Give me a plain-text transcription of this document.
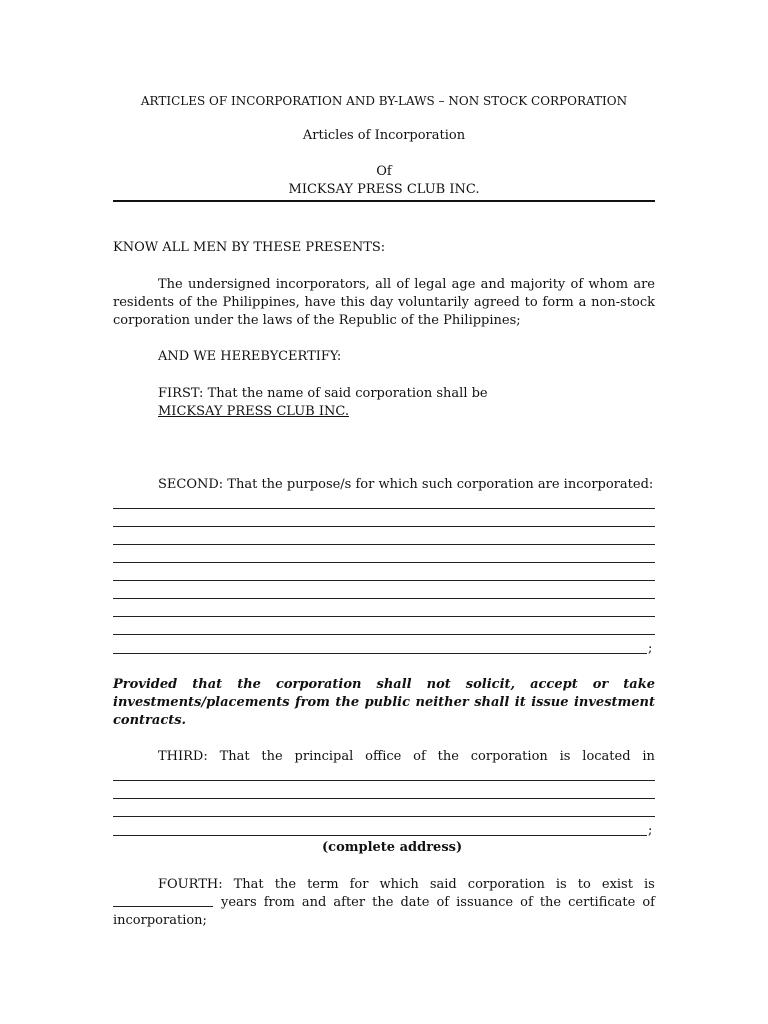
ARTICLES OF INCORPORATION AND BY-LAWS – NON STOCK CORPORATION
Articles of Incorporation
Of
MICKSAY PRESS CLUB INC.
KNOW ALL MEN BY THESE PRESENTS:
The undersigned incorporators, all of legal age and majority of whom are residents of the Philippines, have this day voluntarily agreed to form a non-stock corporation under the laws of the Republic of the Philippines;
AND WE HEREBYCERTIFY:
FIRST: That the name of said corporation shall be
MICKSAY PRESS CLUB INC.
SECOND: That the purpose/s for which such corporation are incorporated:
;
Provided that the corporation shall not solicit, accept or take investments/placements from the public neither shall it issue investment contracts.
THIRD: That the principal office of the corporation is located in
;
(complete address)
FOURTH: That the term for which said corporation is to exist is
years from and after the date of issuance of the certificate of
incorporation;
